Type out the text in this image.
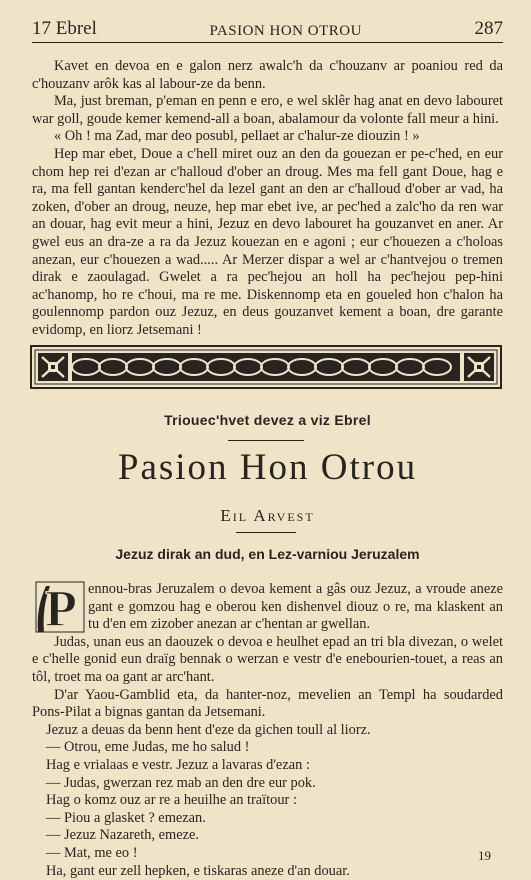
17 Ebrel	PASION HON OTROU	287

Kavet en devoa en e galon nerz awalc'h da c'houzanv ar poaniou red da c'houzanv arôk kas al labour-ze da benn.

Ma, just breman, p'eman en penn e ero, e wel sklêr hag anat en devo labouret war goll, goude kemer kemend-all a boan, abalamour da volonte fall meur a hini.

« Oh ! ma Zad, mar deo posubl, pellaet ar c'halur-ze diouzin ! »

Hep mar ebet, Doue a c'hell miret ouz an den da gouezan er pe-c'hed, en eur chom hep rei d'ezan ar c'halloud d'ober an droug. Mes ma fell gant Doue, hag e ra, ma fell gantan kenderc'hel da lezel gant an den ar c'halloud d'ober ar vad, ha zoken, d'ober an droug, neuze, hep mar ebet ive, ar pec'hed a zalc'ho da ren war an douar, hag evit meur a hini, Jezuz en devo labouret ha gouzanvet en aner. Ar gwel eus an dra-ze a ra da Jezuz kouezan en e agoni ; eur c'houezen a c'holoas anezan, eur c'houezen a wad..... Ar Merzer dispar a wel ar c'hantvejou o tremen dirak e zaoulagad. Gwelet a ra pec'hejou an holl ha pec'hejou pep-hini ac'hanomp, ho re c'houi, ma re me. Diskennomp eta en goueled hon c'halon ha goulennomp pardon ouz Jezuz, en deus gouzanvet kement a boan, dre garante evidomp, en liorz Jetsemani !

Triouec'hvet devez a viz Ebrel
Pasion Hon Otrou
Eil Arvest
Jezuz dirak an dud, en Lez-varniou Jeruzalem
P ennou-bras Jeruzalem o devoa kement a gâs ouz Jezuz, a vroude aneze gant e gomzou hag e oberou ken dishenvel diouz o re, ma klaskent an tu d'en em zizober anezan ar c'hentan ar gwellan.

Judas, unan eus an daouzek o devoa e heulhet epad an tri bla divezan, o welet e c'helle gonid eun draïg bennak o werzan e vestr d'e enebourien-touet, a reas an tôl, troet ma oa gant ar arc'hant.

D'ar Yaou-Gamblid eta, da hanter-noz, mevelien an Templ ha soudarded Pons-Pilat a bignas gantan da Jetsemani.

Jezuz a deuas da benn hent d'eze da gichen toull al liorz.

— Otrou, eme Judas, me ho salud !

Hag e vrialaas e vestr. Jezuz a lavaras d'ezan :

— Judas, gwerzan rez mab an den dre eur pok.

Hag o komz ouz ar re a heuilhe an traïtour :

— Piou a glasket ? emezan.

— Jezuz Nazareth, emeze.

— Mat, me eo !

Ha, gant eur zell hepken, e tiskaras aneze d'an douar.

19
